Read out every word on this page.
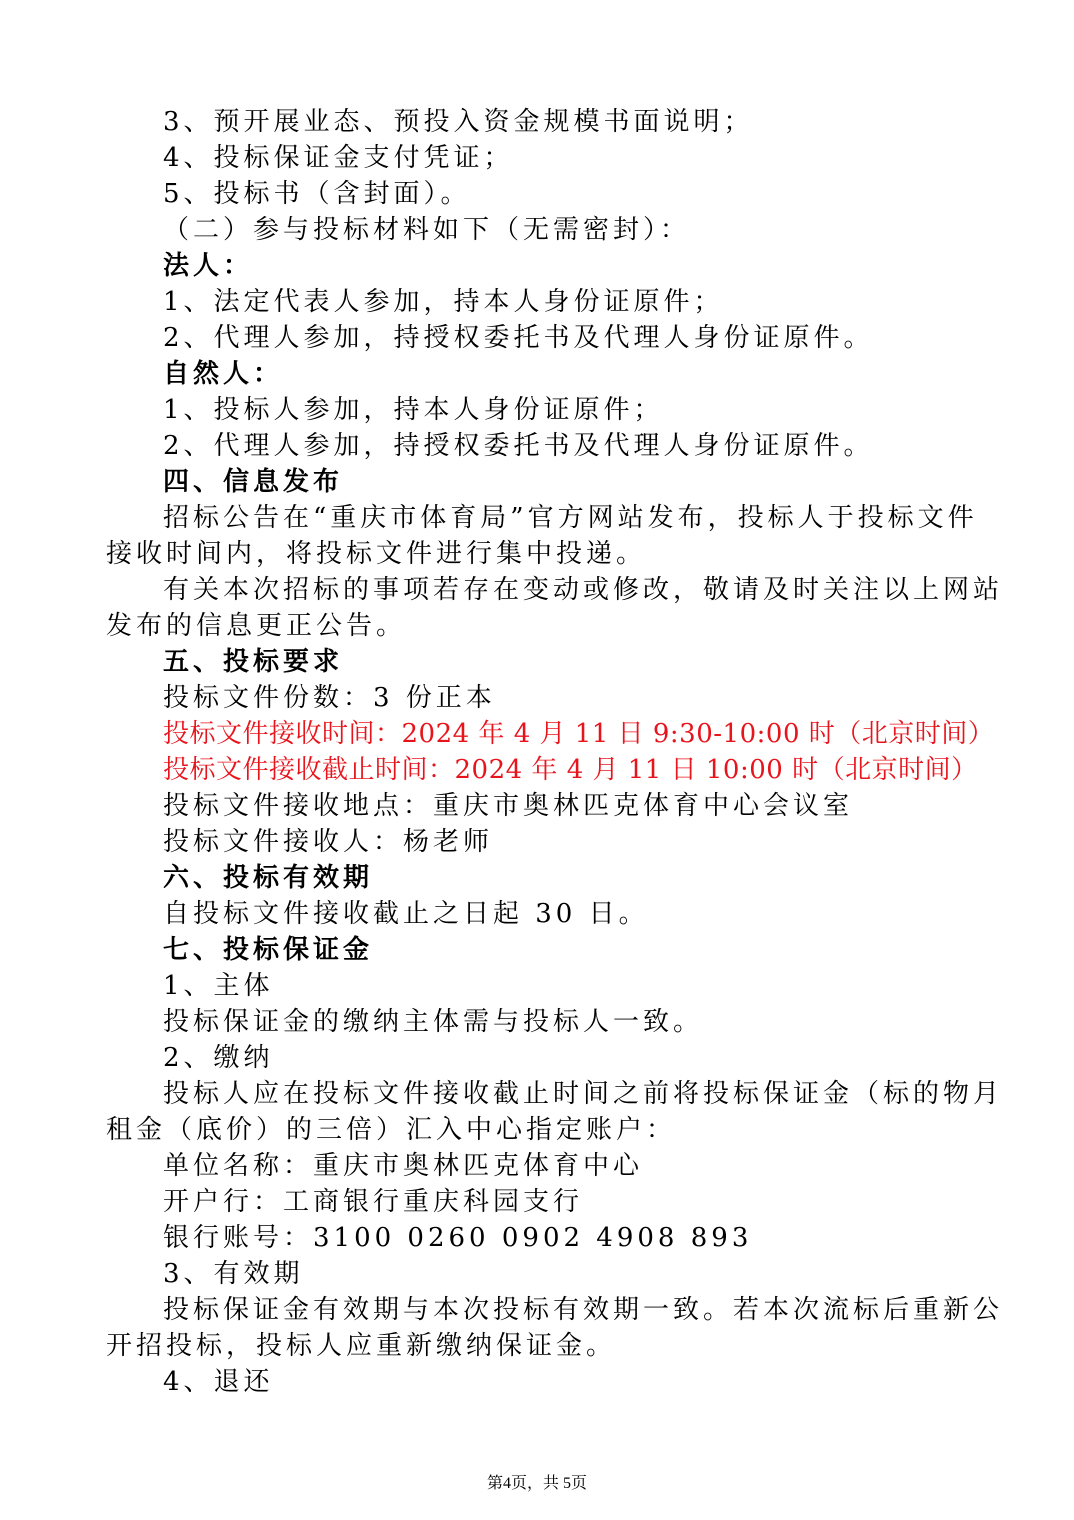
3、预开展业态、预投入资金规模书面说明；
4、投标保证金支付凭证；
5、投标书（含封面）。
（二）参与投标材料如下（无需密封）：
法人：
1、法定代表人参加，持本人身份证原件；
2、代理人参加，持授权委托书及代理人身份证原件。
自然人：
1、投标人参加，持本人身份证原件；
2、代理人参加，持授权委托书及代理人身份证原件。
四、信息发布
招标公告在“重庆市体育局”官方网站发布，投标人于投标文件
接收时间内，将投标文件进行集中投递。
有关本次招标的事项若存在变动或修改，敬请及时关注以上网站
发布的信息更正公告。
五、投标要求
投标文件份数：3 份正本
投标文件接收时间：2024 年 4 月 11 日 9:30-10:00 时（北京时间）
投标文件接收截止时间：2024 年 4 月 11 日 10:00 时（北京时间）
投标文件接收地点：重庆市奥林匹克体育中心会议室
投标文件接收人：杨老师
六、投标有效期
自投标文件接收截止之日起 30 日。
七、投标保证金
1、主体
投标保证金的缴纳主体需与投标人一致。
2、缴纳
投标人应在投标文件接收截止时间之前将投标保证金（标的物月
租金（底价）的三倍）汇入中心指定账户：
单位名称：重庆市奥林匹克体育中心
开户行：工商银行重庆科园支行
银行账号：3100 0260 0902 4908 893
3、有效期
投标保证金有效期与本次投标有效期一致。若本次流标后重新公
开招投标，投标人应重新缴纳保证金。
4、退还
第4页，共 5页
